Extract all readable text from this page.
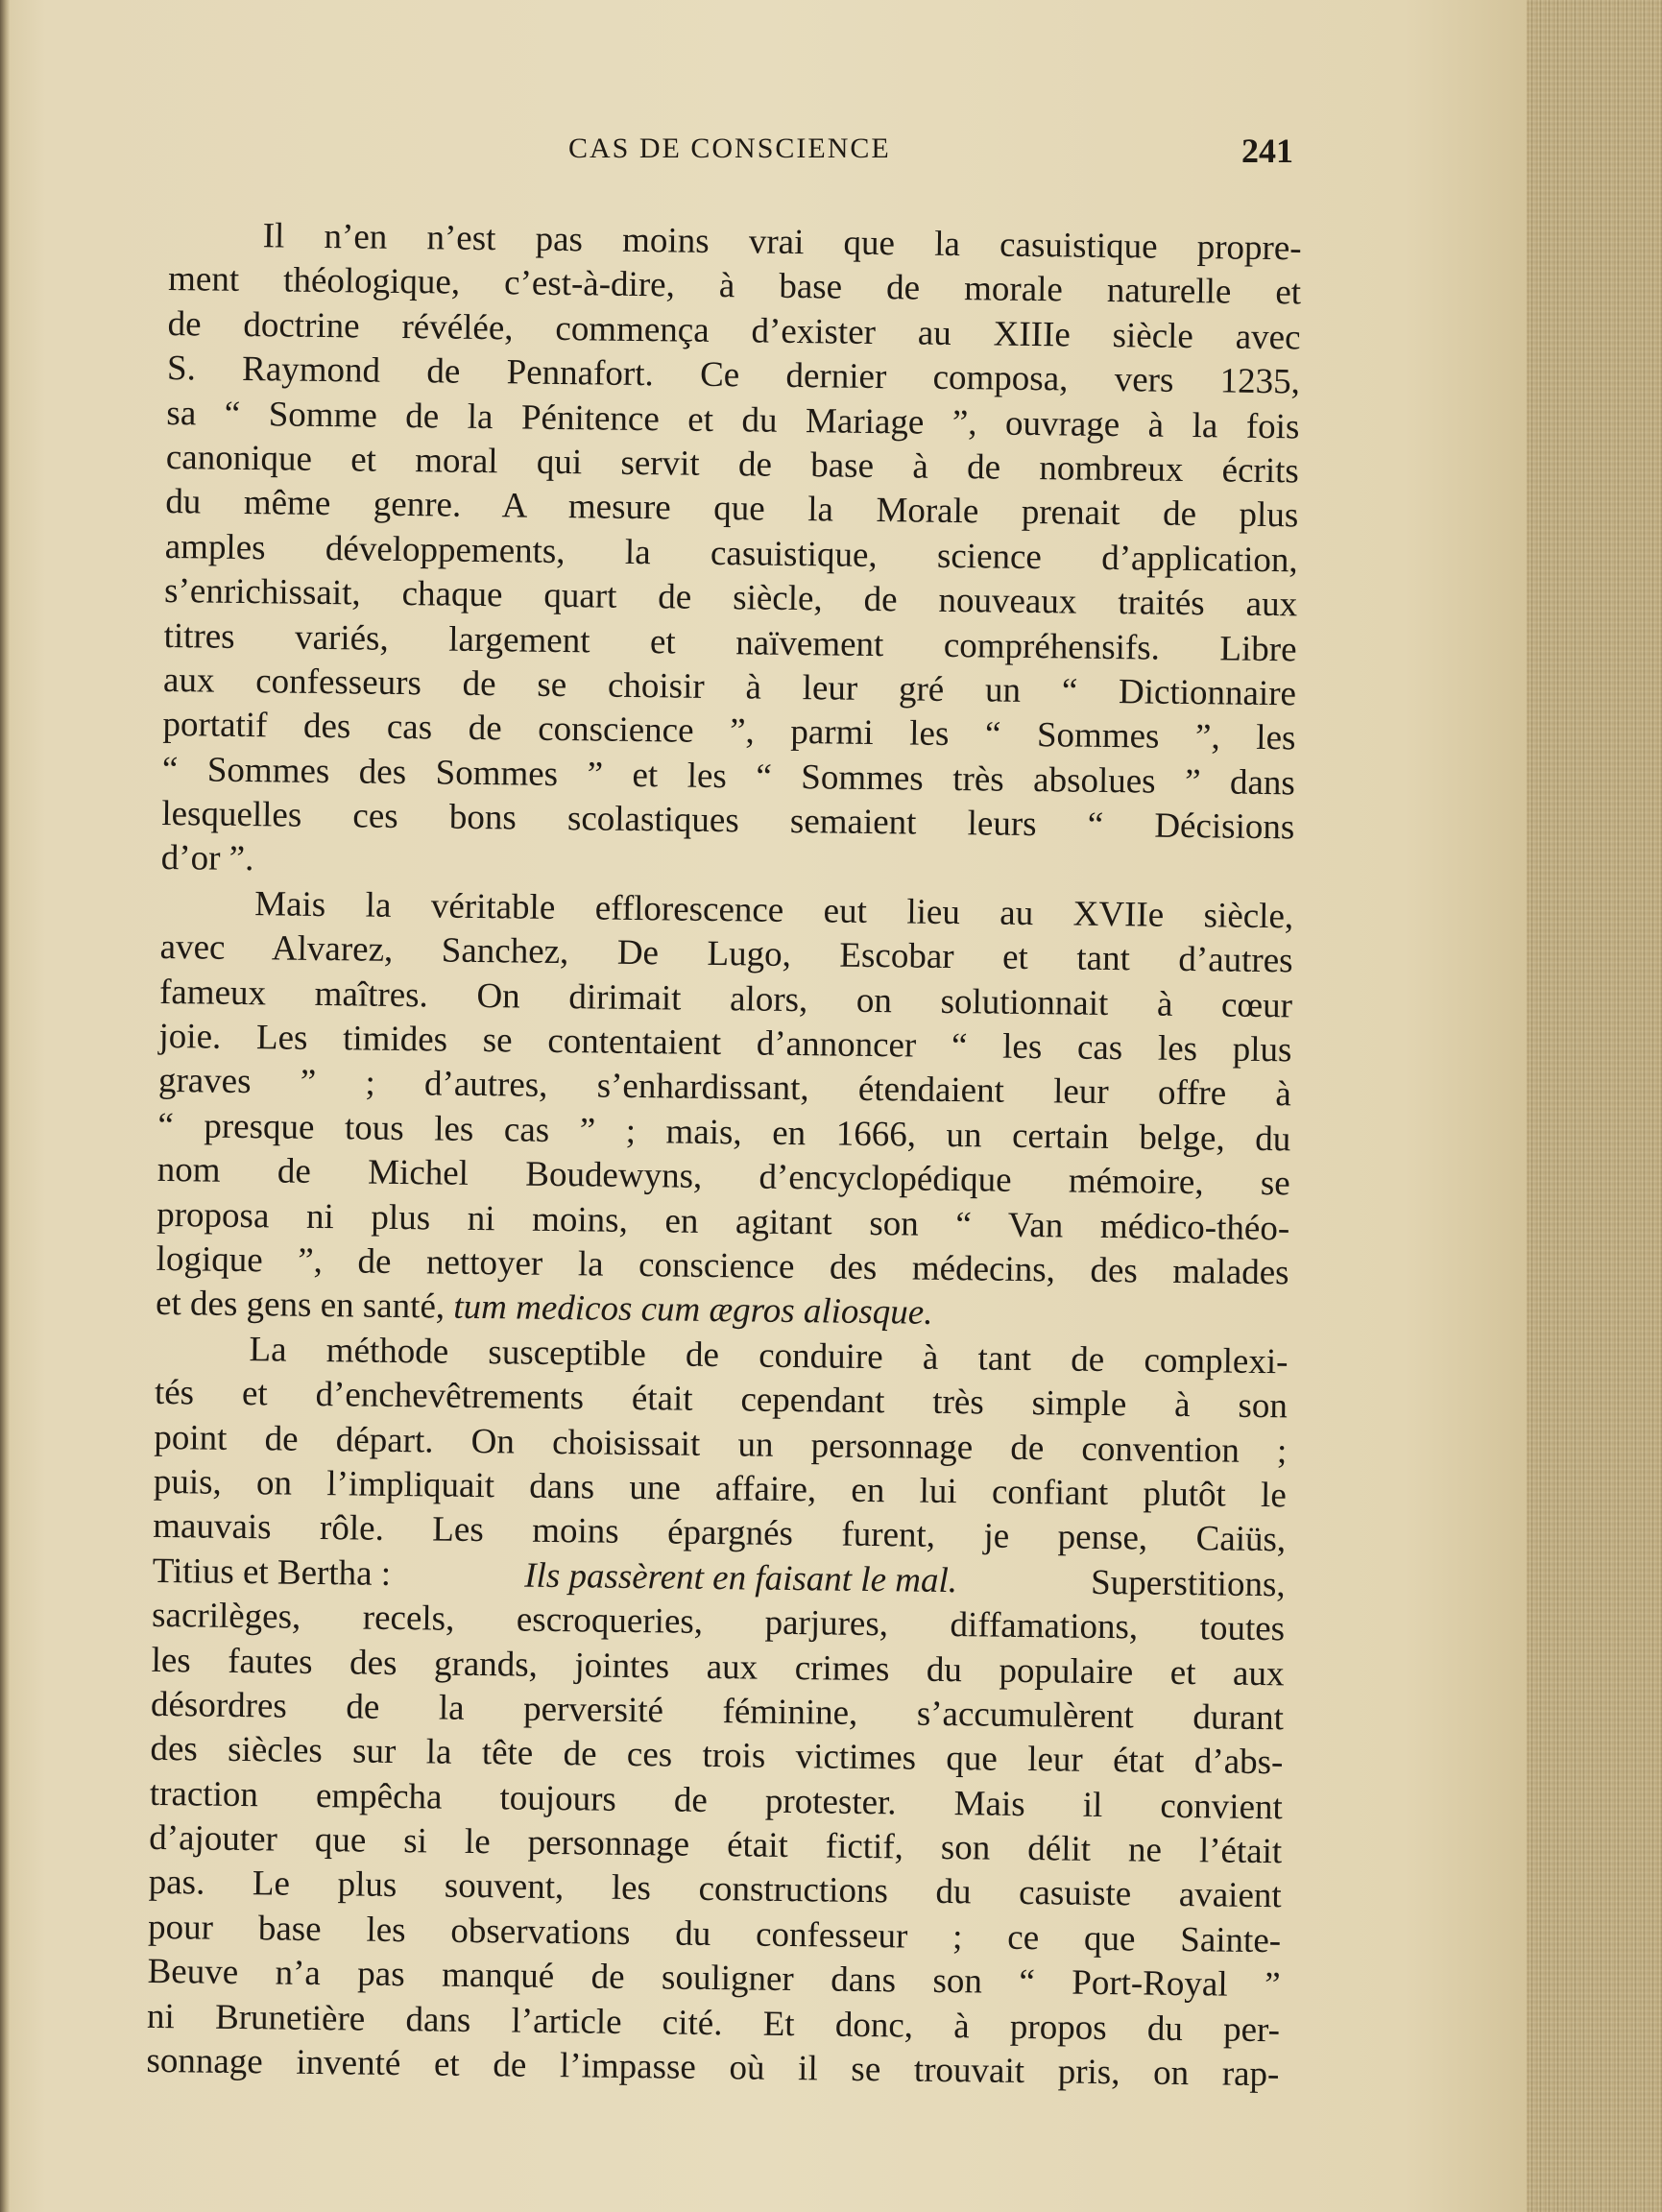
CAS DE CONSCIENCE	241
Il n’en n’est pas moins vrai que la casuistique propre-
ment théologique, c’est-à-dire, à base de morale naturelle et
de doctrine révélée, commença d’exister au XIIIe siècle avec
S. Raymond de Pennafort. Ce dernier composa, vers 1235,
sa “ Somme de la Pénitence et du Mariage ”, ouvrage à la fois
canonique et moral qui servit de base à de nombreux écrits
du même genre. A mesure que la Morale prenait de plus
amples développements, la casuistique, science d’application,
s’enrichissait, chaque quart de siècle, de nouveaux traités aux
titres variés, largement et naïvement compréhensifs. Libre
aux confesseurs de se choisir à leur gré un “ Dictionnaire
portatif des cas de conscience ”, parmi les “ Sommes ”, les
“ Sommes des Sommes ” et les “ Sommes très absolues ” dans
lesquelles ces bons scolastiques semaient leurs “ Décisions
d’or ”.
Mais la véritable efflorescence eut lieu au XVIIe siècle,
avec Alvarez, Sanchez, De Lugo, Escobar et tant d’autres
fameux maîtres. On dirimait alors, on solutionnait à cœur
joie. Les timides se contentaient d’annoncer “ les cas les plus
graves ” ; d’autres, s’enhardissant, étendaient leur offre à
“ presque tous les cas ” ; mais, en 1666, un certain belge, du
nom de Michel Boudewyns, d’encyclopédique mémoire, se
proposa ni plus ni moins, en agitant son “ Van médico-théo-
logique ”, de nettoyer la conscience des médecins, des malades
et des gens en santé,
tum medicos cum ægros aliosque.
La méthode susceptible de conduire à tant de complexi-
tés et d’enchevêtrements était cependant très simple à son
point de départ. On choisissait un personnage de convention ;
puis, on l’impliquait dans une affaire, en lui confiant plutôt le
mauvais rôle. Les moins épargnés furent, je pense, Caiüs,
Titius et Bertha :	Ils passèrent en faisant le mal.	Superstitions,
sacrilèges, recels, escroqueries, parjures, diffamations, toutes
les fautes des grands, jointes aux crimes du populaire et aux
désordres de la perversité féminine, s’accumulèrent durant
des siècles sur la tête de ces trois victimes que leur état d’abs-
traction empêcha toujours de protester. Mais il convient
d’ajouter que si le personnage était fictif, son délit ne l’était
pas. Le plus souvent, les constructions du casuiste avaient
pour base les observations du confesseur ; ce que Sainte-
Beuve n’a pas manqué de souligner dans son “ Port-Royal ”
ni Brunetière dans l’article cité. Et donc, à propos du per-
sonnage inventé et de l’impasse où il se trouvait pris, on rap-
